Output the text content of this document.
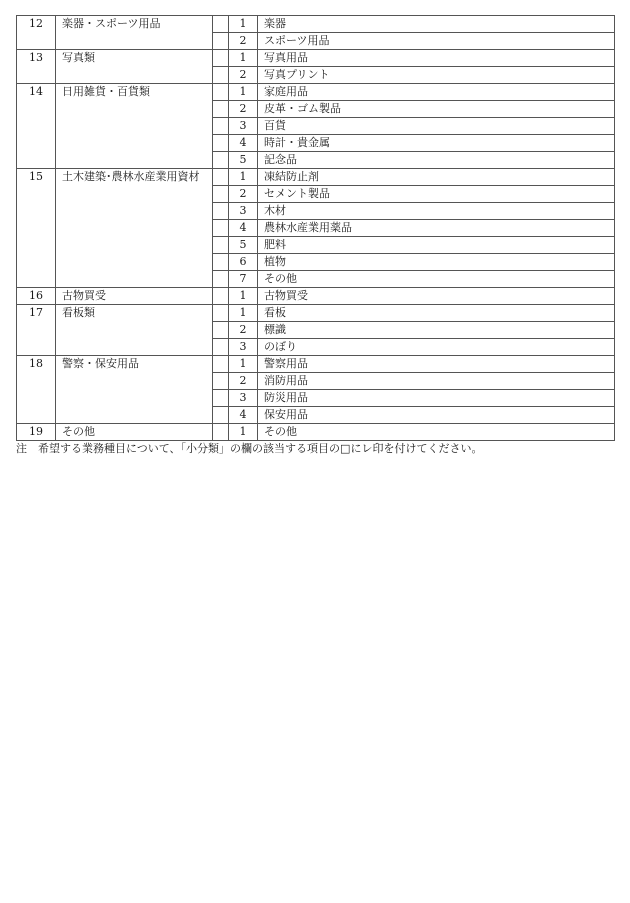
12	楽器・スポーツ用品		1	楽器
			2	スポーツ用品
13	写真類		1	写真用品
			2	写真プリント
14	日用雑貨・百貨類		1	家庭用品
			2	皮革・ゴム製品
			3	百貨
			4	時計・貴金属
			5	記念品
15	土木建築･農林水産業用資材		1	凍結防止剤
			2	セメント製品
			3	木材
			4	農林水産業用薬品
			5	肥料
			6	植物
			7	その他
16	古物買受		1	古物買受
17	看板類		1	看板
			2	標識
			3	のぼり
18	警察・保安用品		1	警察用品
			2	消防用品
			3	防災用品
			4	保安用品
19	その他		1	その他
注　希望する業務種目について、「小分類」の欄の該当する項目の□にレ印を付けてください。
